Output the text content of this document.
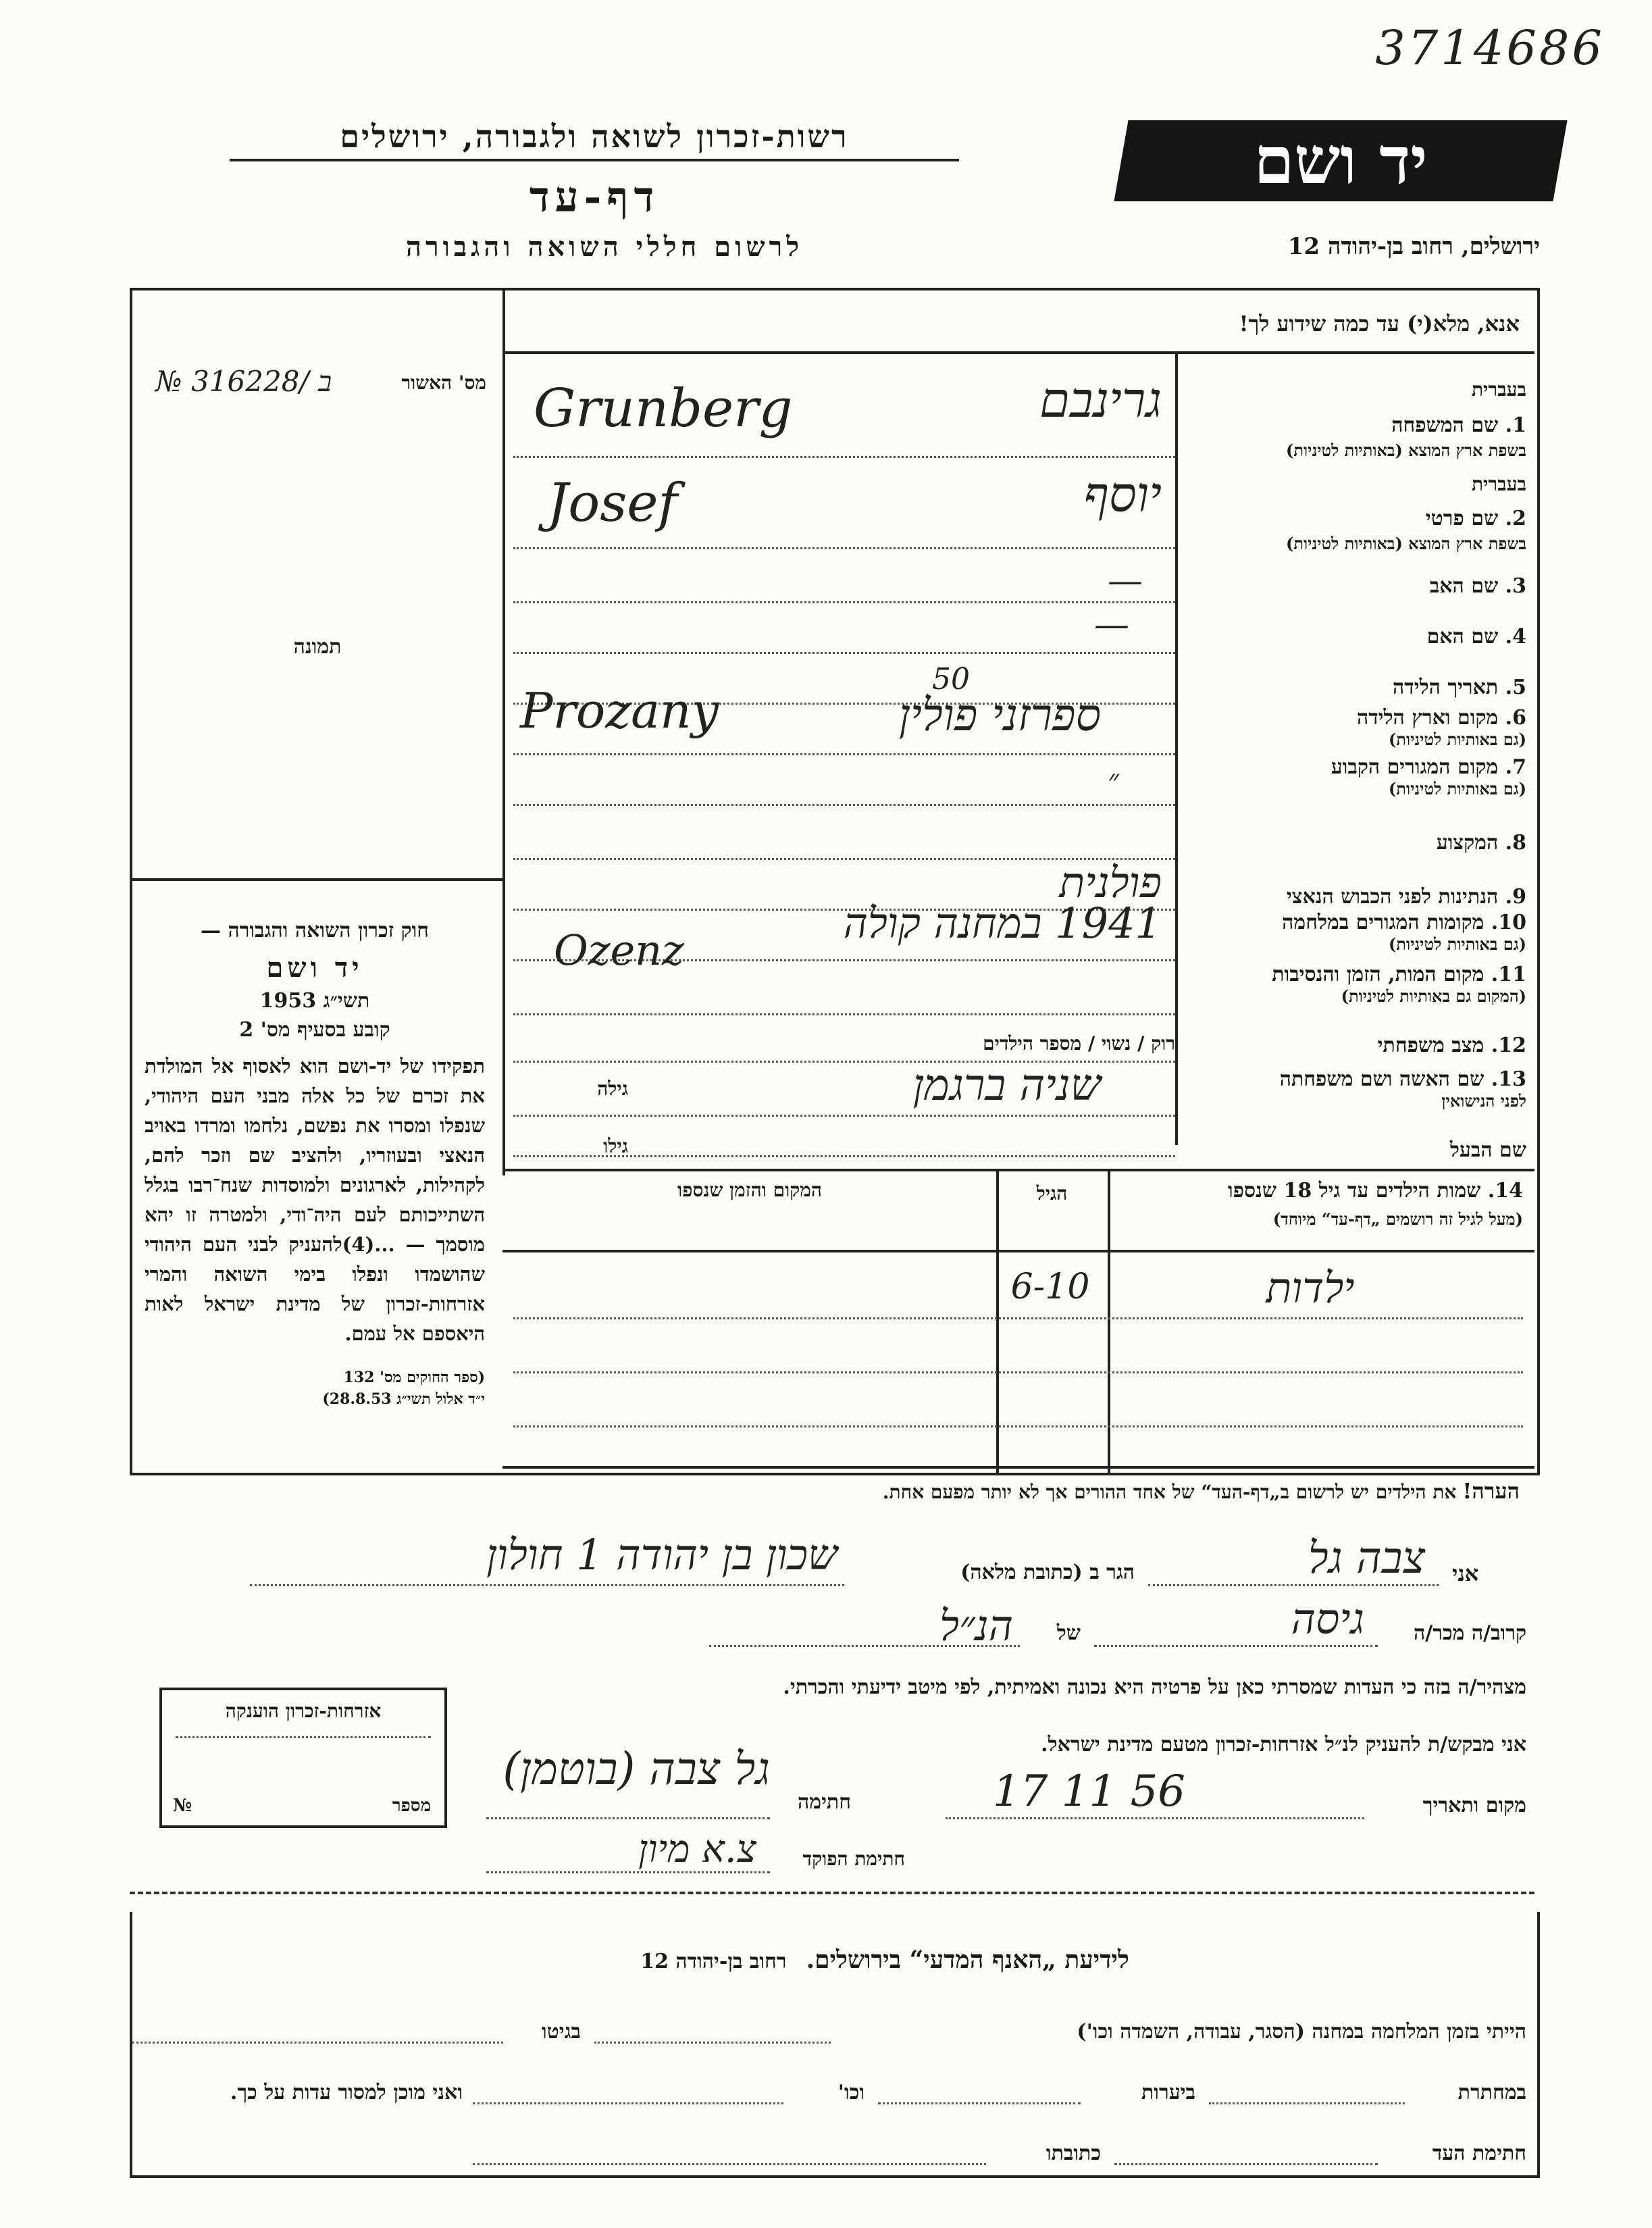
3714686
יד ושם
רשות-זכרון לשואה ולגבורה, ירושלים
דף-עד
לרשום חללי השואה והגבורה	ירושלים, רחוב בן-יהודה 12
אנא, מלא(י) עד כמה שידוע לך!
מס' האשור
№ 316228/ ב
תמונה
בעברית
1. שם המשפחה
בשפת ארץ המוצא (באותיות לטיניות)
גרינבם
Grunberg
בעברית
2. שם פרטי
בשפת ארץ המוצא (באותיות לטיניות)
יוסף
Josef
3. שם האב
—
4. שם האם
—
5. תאריך הלידה
50
6. מקום וארץ הלידה
(גם באותיות לטיניות)
ספרזני פולין
Prozany
7. מקום המגורים הקבוע
(גם באותיות לטיניות)
״
8. המקצוע
9. הנתינות לפני הכבוש הנאצי
פולנית
10. מקומות המגורים במלחמה
(גם באותיות לטיניות)
1941 במחנה קולה
11. מקום המות, הזמן והנסיבות
(המקום גם באותיות לטיניות)
Ozenz
12. מצב משפחתי
רוק / נשוי / מספר הילדים
13. שם האשה ושם משפחתה
לפני הנישואין
שניה ברגמן
גילה
שם הבעל
גילו
14. שמות הילדים עד גיל 18 שנספו
(מעל לגיל זה רושמים „דף-עד“ מיוחד)
הגיל
המקום והזמן שנספו
ילדות
6-10
הערה! את הילדים יש לרשום ב„דף-העד“ של אחד ההורים אך לא יותר מפעם אחת.
חוק זכרון השואה והגבורה —
יד ושם
תשי״ג 1953
קובע בסעיף מס' 2
תפקידו של יד-ושם הוא לאסוף אל המולדת את זכרם של כל אלה מבני העם היהודי, שנפלו ומסרו את נפשם, נלחמו ומרדו באויב הנאצי ובעוזריו, ולהציב שם וזכר להם, לקהילות, לארגונים ולמוסדות שנח־רבו בגלל השתייכותם לעם היה־ודי, ולמטרה זו יהא מוסמך — ...(4)להעניק לבני העם היהודי שהושמדו ונפלו בימי השואה והמרי אזרחות-זכרון של מדינת ישראל לאות היאספם אל עמם.
(ספר החוקים מס' 132
י״ד אלול תשי״ג 28.8.53)
אני
צבה גל
הגר ב (כתובת מלאה)
שכון בן יהודה 1 חולון
קרוב/ה מכר/ה
גיסה
של
הנ״ל
מצהיר/ה בזה כי העדות שמסרתי כאן על פרטיה היא נכונה ואמיתית, לפי מיטב ידיעתי והכרתי.
אני מבקש/ת להעניק לנ״ל אזרחות-זכרון מטעם מדינת ישראל.
מקום ותאריך
17 11 56
חתימה
גל צבה (בוטמן)
חתימת הפוקד
צ.א מיון
אזרחות-זכרון הוענקה
מספר
№
לידיעת „האנף המדעי“ בירושלים. רחוב בן-יהודה 12
הייתי בזמן המלחמה במחנה (הסגר, עבודה, השמדה וכו')
בגיטו
במחתרת
ביערות
וכו'
ואני מוכן למסור עדות על כך.
חתימת העד
כתובתו
